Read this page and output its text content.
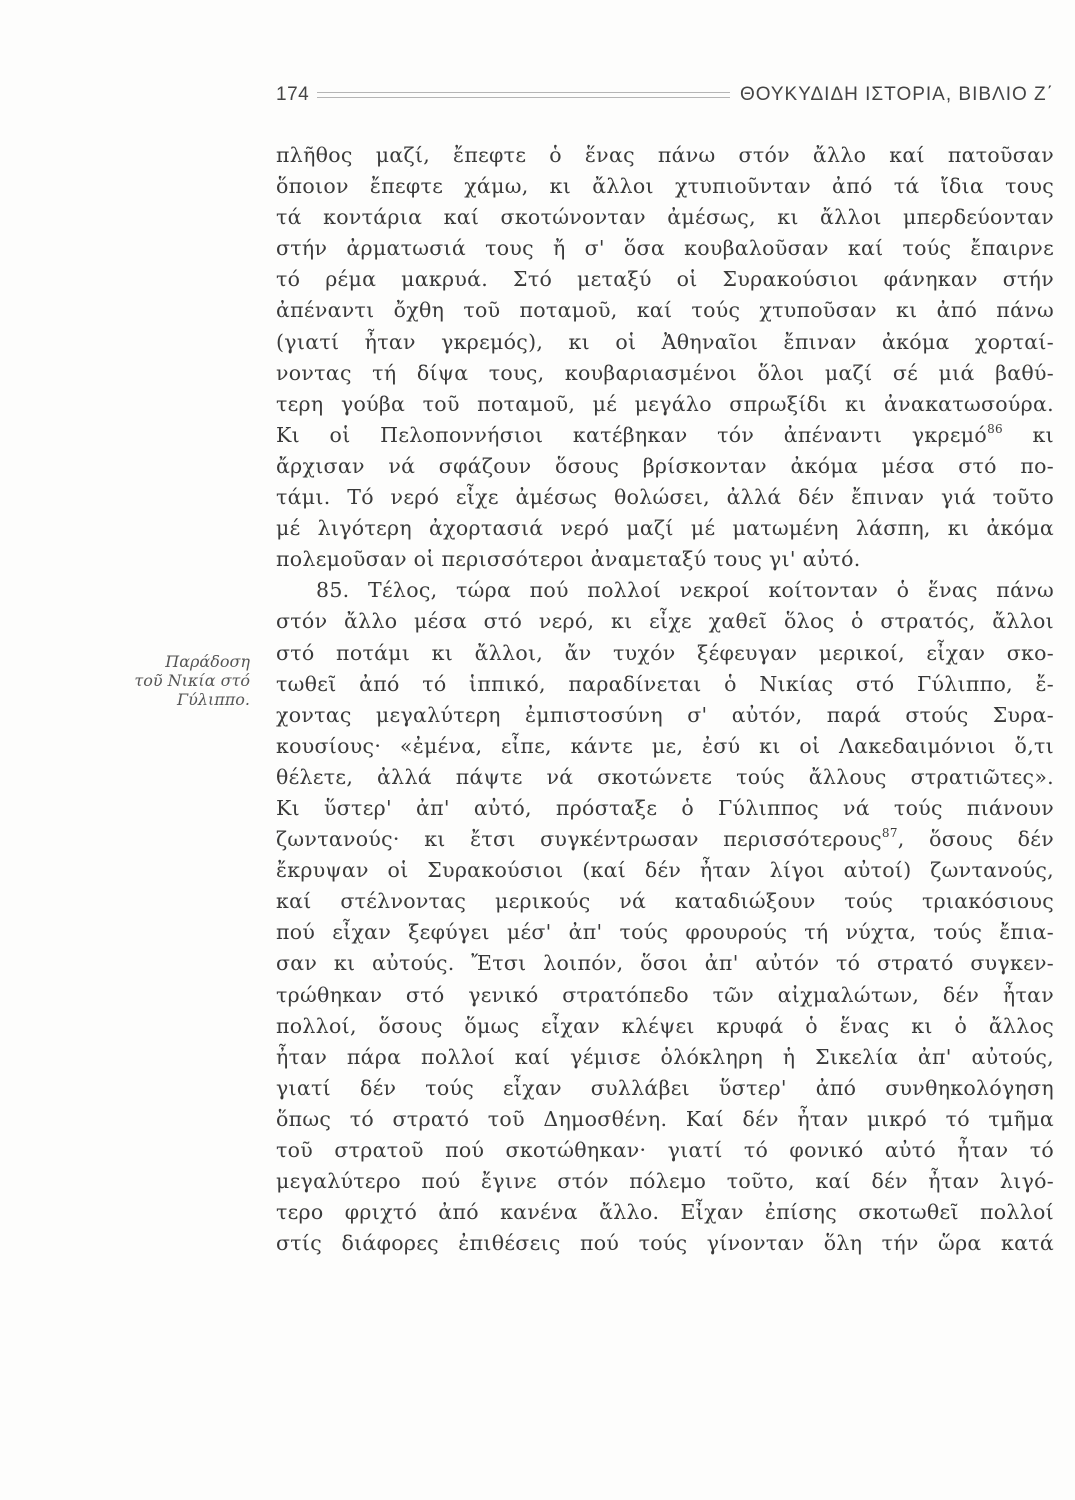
174	ΘΟΥΚΥΔΙΔΗ ΙΣΤΟΡΙΑ, ΒΙΒΛΙΟ Ζ΄
Παράδοση
τοῦ Νικία στό
Γύλιππο.
πλῆθος μαζί, ἔπεφτε ὁ ἕνας πάνω στόν ἄλλο καί πατοῦσαν
ὅποιον ἔπεφτε χάμω, κι ἄλλοι χτυπιοῦνταν ἀπό τά ἴδια τους
τά κοντάρια καί σκοτώνονταν ἀμέσως, κι ἄλλοι μπερδεύονταν
στήν ἀρματωσιά τους ἤ σ' ὅσα κουβαλοῦσαν καί τούς ἔπαιρνε
τό ρέμα μακρυά. Στό μεταξύ οἱ Συρακούσιοι φάνηκαν στήν
ἀπέναντι ὄχθη τοῦ ποταμοῦ, καί τούς χτυποῦσαν κι ἀπό πάνω
(γιατί ἦταν γκρεμός), κι οἱ Ἀθηναῖοι ἔπιναν ἀκόμα χορταί-
νοντας τή δίψα τους, κουβαριασμένοι ὅλοι μαζί σέ μιά βαθύ-
τερη γούβα τοῦ ποταμοῦ, μέ μεγάλο σπρωξίδι κι ἀνακατωσούρα.
Κι οἱ Πελοποννήσιοι κατέβηκαν τόν ἀπέναντι γκρεμό$^{86}$ κι
ἄρχισαν νά σφάζουν ὅσους βρίσκονταν ἀκόμα μέσα στό πο-
τάμι. Τό νερό εἶχε ἀμέσως θολώσει, ἀλλά δέν ἔπιναν γιά τοῦτο
μέ λιγότερη ἀχορτασιά νερό μαζί μέ ματωμένη λάσπη, κι ἀκόμα
πολεμοῦσαν οἱ περισσότεροι ἀναμεταξύ τους γι' αὐτό.
85. Τέλος, τώρα πού πολλοί νεκροί κοίτονταν ὁ ἕνας πάνω
στόν ἄλλο μέσα στό νερό, κι εἶχε χαθεῖ ὅλος ὁ στρατός, ἄλλοι
στό ποτάμι κι ἄλλοι, ἄν τυχόν ξέφευγαν μερικοί, εἶχαν σκο-
τωθεῖ ἀπό τό ἱππικό, παραδίνεται ὁ Νικίας στό Γύλιππο, ἔ-
χοντας μεγαλύτερη ἐμπιστοσύνη σ' αὐτόν, παρά στούς Συρα-
κουσίους· «ἐμένα, εἶπε, κάντε με, ἐσύ κι οἱ Λακεδαιμόνιοι ὅ,τι
θέλετε, ἀλλά πάψτε νά σκοτώνετε τούς ἄλλους στρατιῶτες».
Κι ὕστερ' ἀπ' αὐτό, πρόσταξε ὁ Γύλιππος νά τούς πιάνουν
ζωντανούς· κι ἔτσι συγκέντρωσαν περισσότερους$^{87}$, ὅσους δέν
ἔκρυψαν οἱ Συρακούσιοι (καί δέν ἦταν λίγοι αὐτοί) ζωντανούς,
καί στέλνοντας μερικούς νά καταδιώξουν τούς τριακόσιους
πού εἶχαν ξεφύγει μέσ' ἀπ' τούς φρουρούς τή νύχτα, τούς ἔπια-
σαν κι αὐτούς. Ἔτσι λοιπόν, ὅσοι ἀπ' αὐτόν τό στρατό συγκεν-
τρώθηκαν στό γενικό στρατόπεδο τῶν αἰχμαλώτων, δέν ἦταν
πολλοί, ὅσους ὅμως εἶχαν κλέψει κρυφά ὁ ἕνας κι ὁ ἄλλος
ἦταν πάρα πολλοί καί γέμισε ὁλόκληρη ἡ Σικελία ἀπ' αὐτούς,
γιατί δέν τούς εἶχαν συλλάβει ὕστερ' ἀπό συνθηκολόγηση
ὅπως τό στρατό τοῦ Δημοσθένη. Καί δέν ἦταν μικρό τό τμῆμα
τοῦ στρατοῦ πού σκοτώθηκαν· γιατί τό φονικό αὐτό ἦταν τό
μεγαλύτερο πού ἔγινε στόν πόλεμο τοῦτο, καί δέν ἦταν λιγό-
τερο φριχτό ἀπό κανένα ἄλλο. Εἶχαν ἐπίσης σκοτωθεῖ πολλοί
στίς διάφορες ἐπιθέσεις πού τούς γίνονταν ὅλη τήν ὥρα κατά
